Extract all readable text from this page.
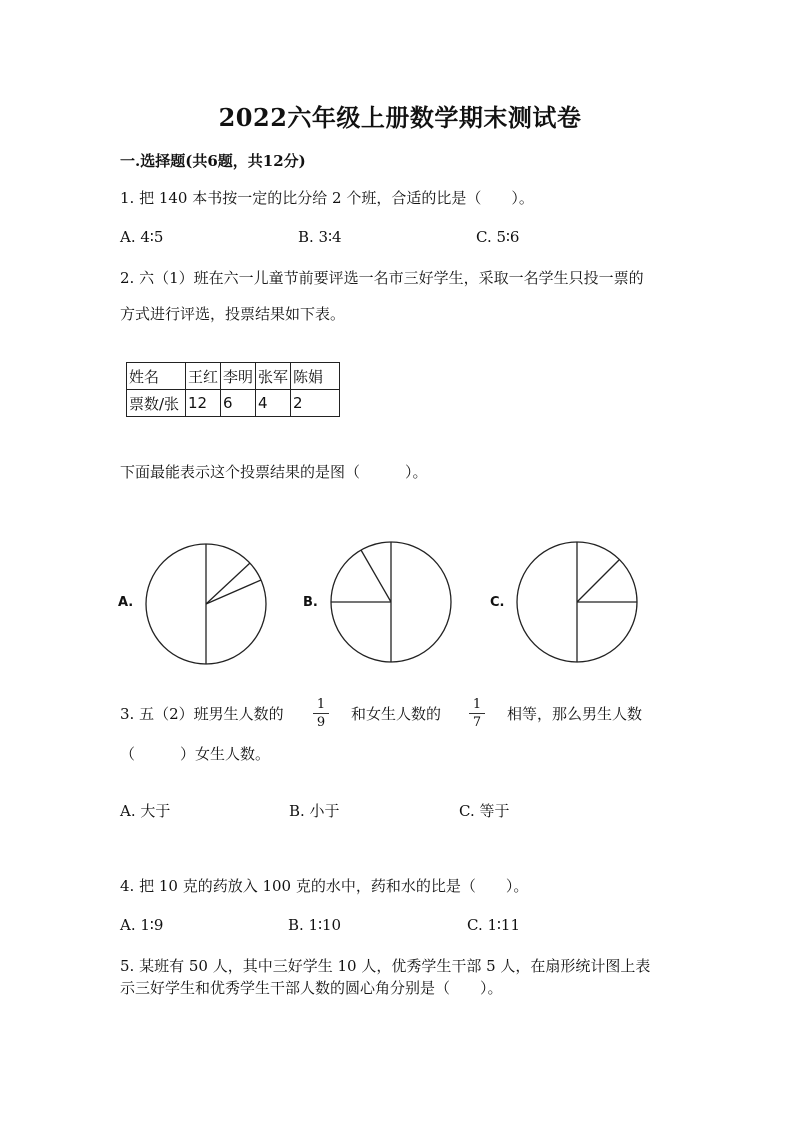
2022六年级上册数学期末测试卷
一.选择题(共6题，共12分)
1. 把 140 本书按一定的比分给 2 个班，合适的比是（　　）。
A. 4∶5	B. 3∶4	C. 5∶6
2. 六（1）班在六一儿童节前要评选一名市三好学生，采取一名学生只投一票的
方式进行评选，投票结果如下表。
姓名	王红	李明	张军	陈娟
票数/张	12	6	4	2
下面最能表示这个投票结果的是图（　　　）。
A.	B.	C.
3. 五（2）班男生人数的
1
9 和女生人数的
1
7 相等，那么男生人数
（　　　）女生人数。
A. 大于	B. 小于	C. 等于
4. 把 10 克的药放入 100 克的水中，药和水的比是（　　）。
A. 1∶9	B. 1∶10	C. 1∶11
5. 某班有 50 人，其中三好学生 10 人，优秀学生干部 5 人，在扇形统计图上表
示三好学生和优秀学生干部人数的圆心角分别是（　　）。
